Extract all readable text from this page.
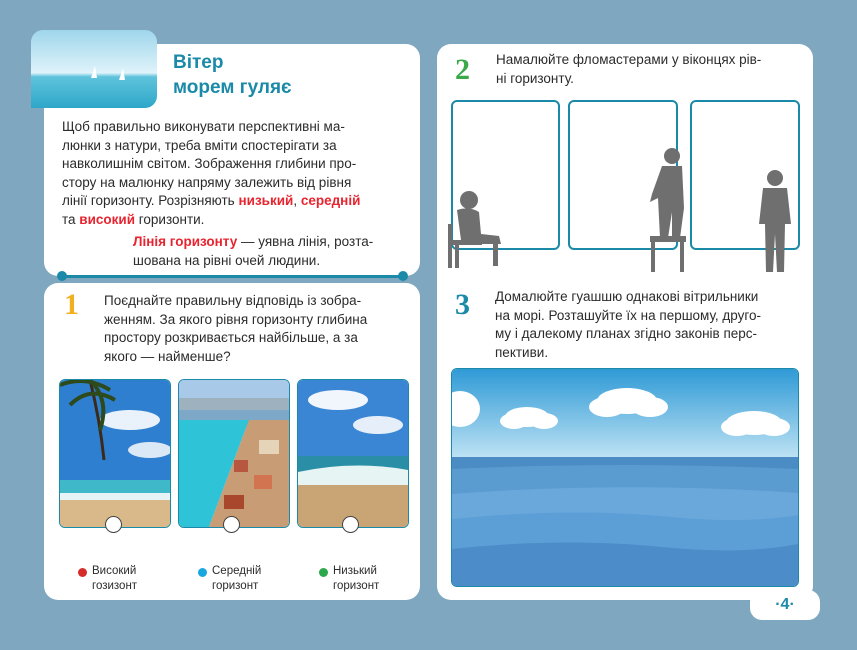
Вітер
морем гуляє
Щоб правильно виконувати перспективні ма-
люнки з натури, треба вміти спостерігати за
навколишнім світом. Зображення глибини про-
стору на малюнку напряму залежить від рівня
лінії горизонту. Розрізняють низький, середній
та високий горизонти.
Лінія горизонту — уявна лінія, розта-
шована на рівні очей людини.
1 Поєднайте правильну відповідь із зобра-
женням. За якого рівня горизонту глибина
простору розкривається найбільше, а за
якого — найменше?
Високий
гозизонт
Середній
горизонт
Низький
горизонт
2 Намалюйте фломастерами у віконцях рів-
ні горизонту.
3 Домалюйте гуашшю однакові вітрильники
на морі. Розташуйте їх на першому, друго-
му і далекому планах згідно законів перс-
пективи.
·4·
